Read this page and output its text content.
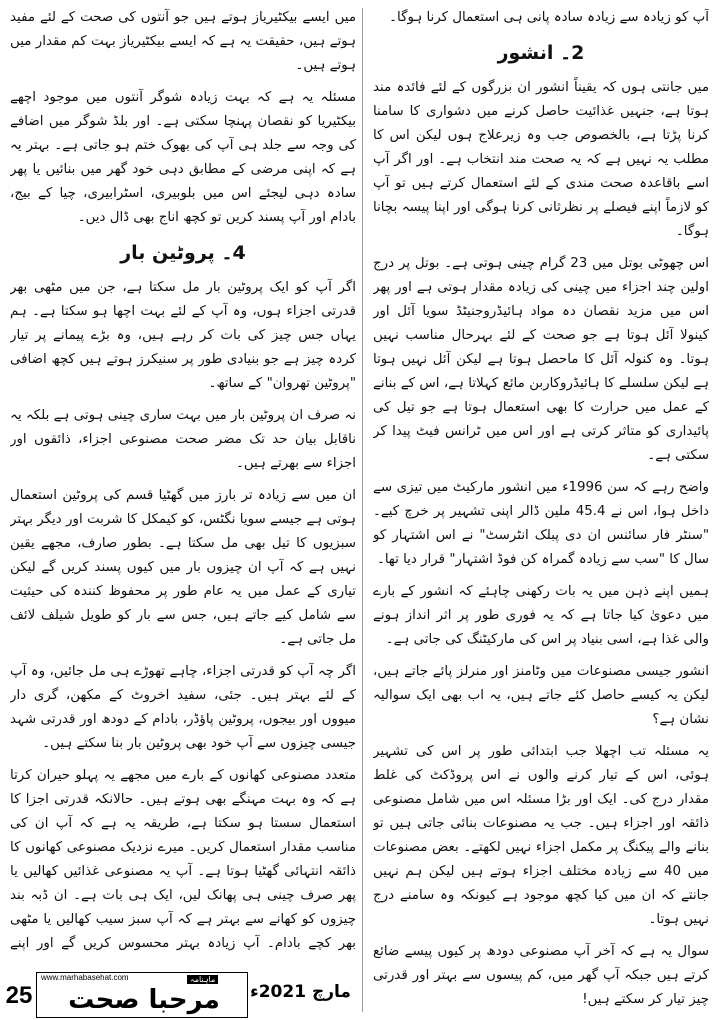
آپ کو زیادہ سے زیادہ سادہ پانی ہی استعمال کرنا ہوگا۔

2۔ انشور

میں جانتی ہوں کہ یقیناً انشور ان بزرگوں کے لئے فائدہ مند ہوتا ہے، جنہیں غذائیت حاصل کرنے میں دشواری کا سامنا کرنا پڑتا ہے، بالخصوص جب وہ زیرعلاج ہوں لیکن اس کا مطلب یہ نہیں ہے کہ یہ صحت مند انتخاب ہے۔ اور اگر آپ اسے باقاعدہ صحت مندی کے لئے استعمال کرتے ہیں تو آپ کو لازماً اپنے فیصلے پر نظرثانی کرنا ہوگی اور اپنا پیسہ بچانا ہوگا۔

اس چھوٹی بوتل میں 23 گرام چینی ہوتی ہے۔ بوتل پر درج اولین چند اجزاء میں چینی کی زیادہ مقدار ہوتی ہے اور پھر اس میں مزید نقصان دہ مواد ہائیڈروجنیٹڈ سویا آئل اور کینولا آئل ہوتا ہے جو صحت کے لئے بہرحال مناسب نہیں ہوتا۔ وہ کنولہ آئل کا ماحصل ہوتا ہے لیکن آئل نہیں ہوتا ہے لیکن سلسلے کا ہائیڈروکاربن مائع کہلاتا ہے، اس کے بنانے کے عمل میں حرارت کا بھی استعمال ہوتا ہے جو تیل کی پائیداری کو متاثر کرتی ہے اور اس میں ٹرانس فیٹ پیدا کر سکتی ہے۔

واضح رہے کہ سن 1996ء میں انشور مارکیٹ میں تیزی سے داخل ہوا، اس نے 45.4 ملین ڈالر اپنی تشہیر پر خرچ کیے۔ "سنٹر فار سائنس ان دی پبلک انٹرسٹ" نے اس اشتہار کو سال کا "سب سے زیادہ گمراہ کن فوڈ اشتہار" قرار دیا تھا۔

ہمیں اپنے ذہن میں یہ بات رکھنی چاہئے کہ انشور کے بارے میں دعویٰ کیا جاتا ہے کہ یہ فوری طور پر اثر انداز ہونے والی غذا ہے، اسی بنیاد پر اس کی مارکیٹنگ کی جاتی ہے۔

انشور جیسی مصنوعات میں وٹامنز اور منرلز پائے جاتے ہیں، لیکن یہ کیسے حاصل کئے جاتے ہیں، یہ اب بھی ایک سوالیہ نشان ہے؟

یہ مسئلہ تب اچھلا جب ابتدائی طور پر اس کی تشہیر ہوئی، اس کے تیار کرنے والوں نے اس پروڈکٹ کی غلط مقدار درج کی۔ ایک اور بڑا مسئلہ اس میں شامل مصنوعی ذائقہ اور اجزاء ہیں۔ جب یہ مصنوعات بنائی جاتی ہیں تو بنانے والے پیکنگ پر مکمل اجزاء نہیں لکھتے۔ بعض مصنوعات میں 40 سے زیادہ مختلف اجزاء ہوتے ہیں لیکن ہم نہیں جانتے کہ ان میں کیا کچھ موجود ہے کیونکہ وہ سامنے درج نہیں ہوتا۔

سوال یہ ہے کہ آخر آپ مصنوعی دودھ پر کیوں پیسے ضائع کرتے ہیں جبکہ آپ گھر میں، کم پیسوں سے بہتر اور قدرتی چیز تیار کر سکتے ہیں!

میں ایسے بیکٹیریاز ہوتے ہیں جو آنتوں کی صحت کے لئے مفید ہوتے ہیں، حقیقت یہ ہے کہ ایسے بیکٹیریاز بہت کم مقدار میں ہوتے ہیں۔

مسئلہ یہ ہے کہ بہت زیادہ شوگر آنتوں میں موجود اچھے بیکٹیریا کو نقصان پہنچا سکتی ہے۔ اور بلڈ شوگر میں اضافے کی وجہ سے جلد ہی آپ کی بھوک ختم ہو جاتی ہے۔ بہتر یہ ہے کہ اپنی مرضی کے مطابق دہی خود گھر میں بنائیں یا پھر سادہ دہی لیجئے اس میں بلوبیری، اسٹرابیری، چیا کے بیج، بادام اور آپ پسند کریں تو کچھ اناج بھی ڈال دیں۔

4۔ پروٹین بار

اگر آپ کو ایک پروٹین بار مل سکتا ہے، جن میں مٹھی بھر قدرتی اجزاء ہوں، وہ آپ کے لئے بہت اچھا ہو سکتا ہے۔ ہم یہاں جس چیز کی بات کر رہے ہیں، وہ بڑے پیمانے پر تیار کردہ چیز ہے جو بنیادی طور پر سنیکرز ہوتے ہیں کچھ اضافی "پروٹین تھروان" کے ساتھ۔

نہ صرف ان پروٹین بار میں بہت ساری چینی ہوتی ہے بلکہ یہ ناقابل بیان حد تک مضر صحت مصنوعی اجزاء، ذائقوں اور اجزاء سے بھرتے ہیں۔

ان میں سے زیادہ تر بارز میں گھٹیا قسم کی پروٹین استعمال ہوتی ہے جیسے سویا نگٹس، کو کیمکل کا شربت اور دیگر بہتر سبزیوں کا تیل بھی مل سکتا ہے۔ بطور صارف، مجھے یقین نہیں ہے کہ آپ ان چیزوں بار میں کیوں پسند کریں گے لیکن تیاری کے عمل میں یہ عام طور پر محفوظ کنندہ کی حیثیت سے شامل کیے جاتے ہیں، جس سے بار کو طویل شیلف لائف مل جاتی ہے۔

اگر چہ آپ کو قدرتی اجزاء، چاہے تھوڑے ہی مل جائیں، وہ آپ کے لئے بہتر ہیں۔ جئی، سفید اخروٹ کے مکھن، گری دار میووں اور بیجوں، پروٹین پاؤڈر، بادام کے دودھ اور قدرتی شہد جیسی چیزوں سے آپ خود بھی پروٹین بار بنا سکتے ہیں۔

متعدد مصنوعی کھانوں کے بارے میں مجھے یہ پہلو حیران کرتا ہے کہ وہ بہت مہنگے بھی ہوتے ہیں۔ حالانکہ قدرتی اجزا کا استعمال سستا ہو سکتا ہے، طریقہ یہ ہے کہ آپ ان کی مناسب مقدار استعمال کریں۔ میرے نزدیک مصنوعی کھانوں کا ذائقہ انتہائی گھٹیا ہوتا ہے۔ آپ یہ مصنوعی غذائیں کھالیں یا پھر صرف چینی ہی پھانک لیں، ایک ہی بات ہے۔ ان ڈبہ بند چیزوں کو کھانے سے بہتر ہے کہ آپ سبز سیب کھالیں یا مٹھی بھر کچے بادام۔ آپ زیادہ بہتر محسوس کریں گے اور اپنے

25
www.marhabasehat.com	ماہنامہ
مرحبا صحت	مارچ 2021ء
